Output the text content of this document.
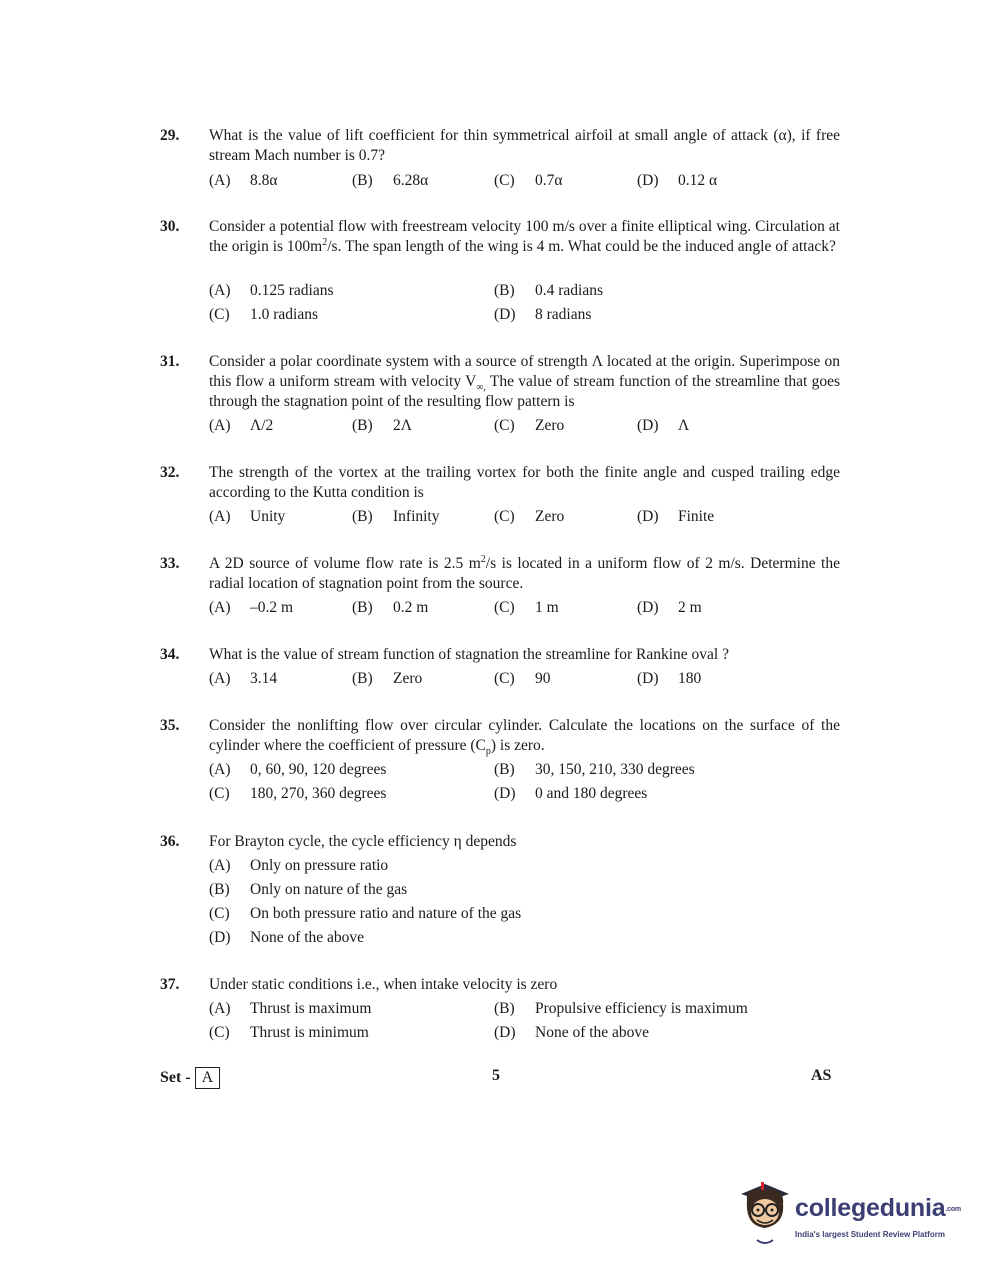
29. What is the value of lift coefficient for thin symmetrical airfoil at small angle of attack (α), if free stream Mach number is 0.7?
(A) 8.8α	(B) 6.28α	(C) 0.7α	(D) 0.12 α
30. Consider a potential flow with freestream velocity 100 m/s over a finite elliptical wing. Circulation at the origin is $100m^2/s$. The span length of the wing is 4 m. What could be the induced angle of attack?
(A) 0.125 radians	(B) 0.4 radians
(C) 1.0 radians	(D) 8 radians
31. Consider a polar coordinate system with a source of strength Λ located at the origin. Superimpose on this flow a uniform stream with velocity $V_{\infty,}$ The value of stream function of the streamline that goes through the stagnation point of the resulting flow pattern is
(A) Λ/2	(B) 2Λ	(C) Zero	(D) Λ
32. The strength of the vortex at the trailing vortex for both the finite angle and cusped trailing edge according to the Kutta condition is
(A) Unity	(B) Infinity	(C) Zero	(D) Finite
33. A 2D source of volume flow rate is 2.5 $m^2/s$ is located in a uniform flow of 2 m/s. Determine the radial location of stagnation point from the source.
(A) –0.2 m	(B) 0.2 m	(C) 1 m	(D) 2 m
34. What is the value of stream function of stagnation the streamline for Rankine oval ?
(A) 3.14	(B) Zero	(C) 90	(D) 180
35. Consider the nonlifting flow over circular cylinder. Calculate the locations on the surface of the cylinder where the coefficient of pressure $(C_p)$ is zero.
(A) 0, 60, 90, 120 degrees	(B) 30, 150, 210, 330 degrees
(C) 180, 270, 360 degrees	(D) 0 and 180 degrees
36. For Brayton cycle, the cycle efficiency η depends
(A) Only on pressure ratio
(B) Only on nature of the gas
(C) On both pressure ratio and nature of the gas
(D) None of the above
37. Under static conditions i.e., when intake velocity is zero
(A) Thrust is maximum	(B) Propulsive efficiency is maximum
(C) Thrust is minimum	(D) None of the above
Set - A	5	AS
collegedunia.com
India's largest Student Review Platform
